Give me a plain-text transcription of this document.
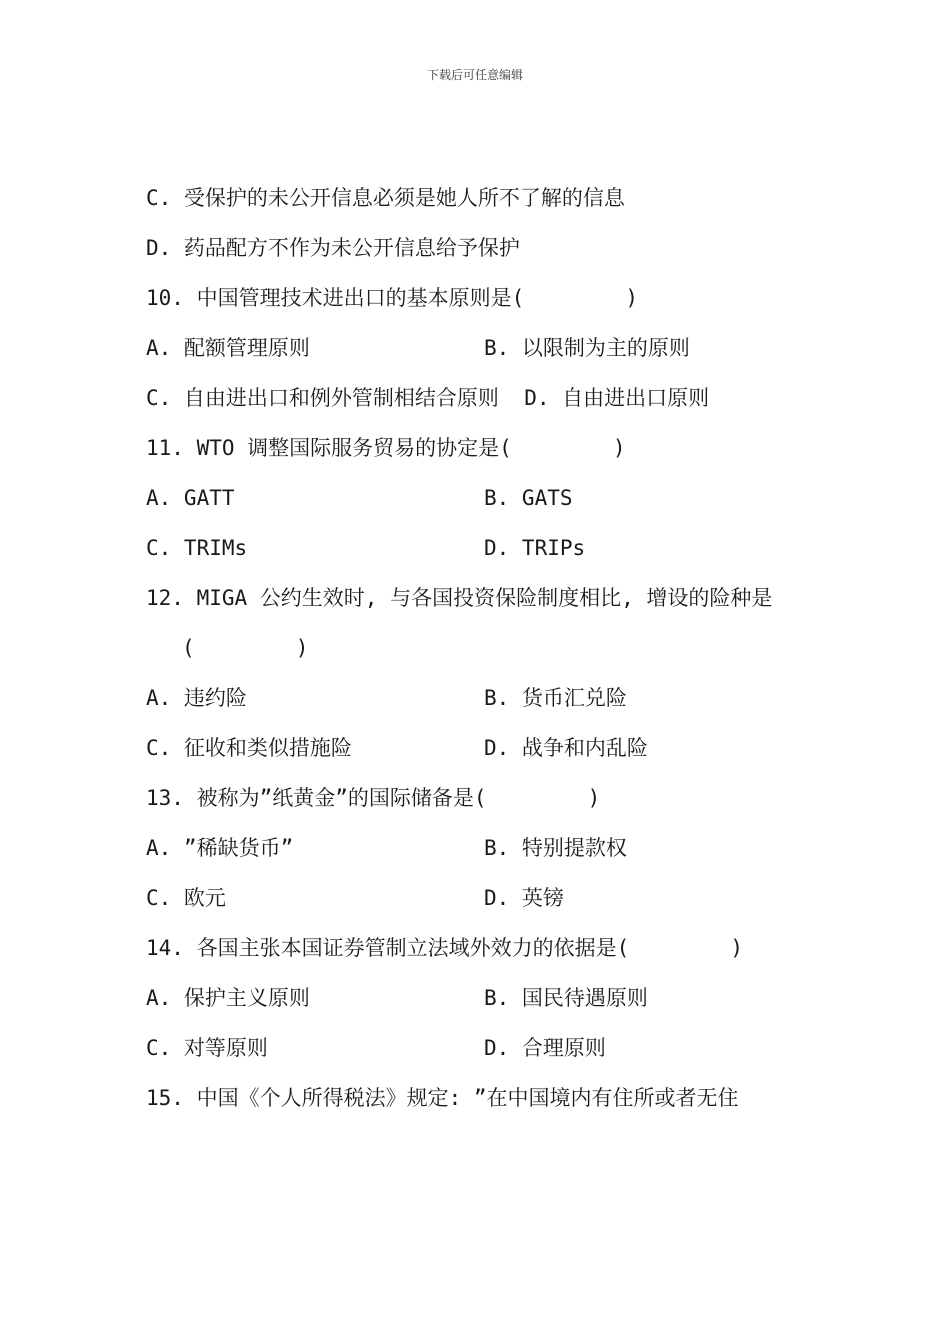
下载后可任意编辑
C. 受保护的未公开信息必须是她人所不了解的信息
D. 药品配方不作为未公开信息给予保护
10. 中国管理技术进出口的基本原则是(        )
A. 配额管理原则	B. 以限制为主的原则
C. 自由进出口和例外管制相结合原则  D. 自由进出口原则
11. WTO 调整国际服务贸易的协定是(        )
A. GATT	B. GATS
C. TRIMs	D. TRIPs
12. MIGA 公约生效时, 与各国投资保险制度相比, 增设的险种是
(        )
A. 违约险	B. 货币汇兑险
C. 征收和类似措施险	D. 战争和内乱险
13. 被称为”纸黄金”的国际储备是(        )
A. ”稀缺货币”	B. 特别提款权
C. 欧元	D. 英镑
14. 各国主张本国证券管制立法域外效力的依据是(        )
A. 保护主义原则	B. 国民待遇原则
C. 对等原则	D. 合理原则
15. 中国《个人所得税法》规定: ”在中国境内有住所或者无住
